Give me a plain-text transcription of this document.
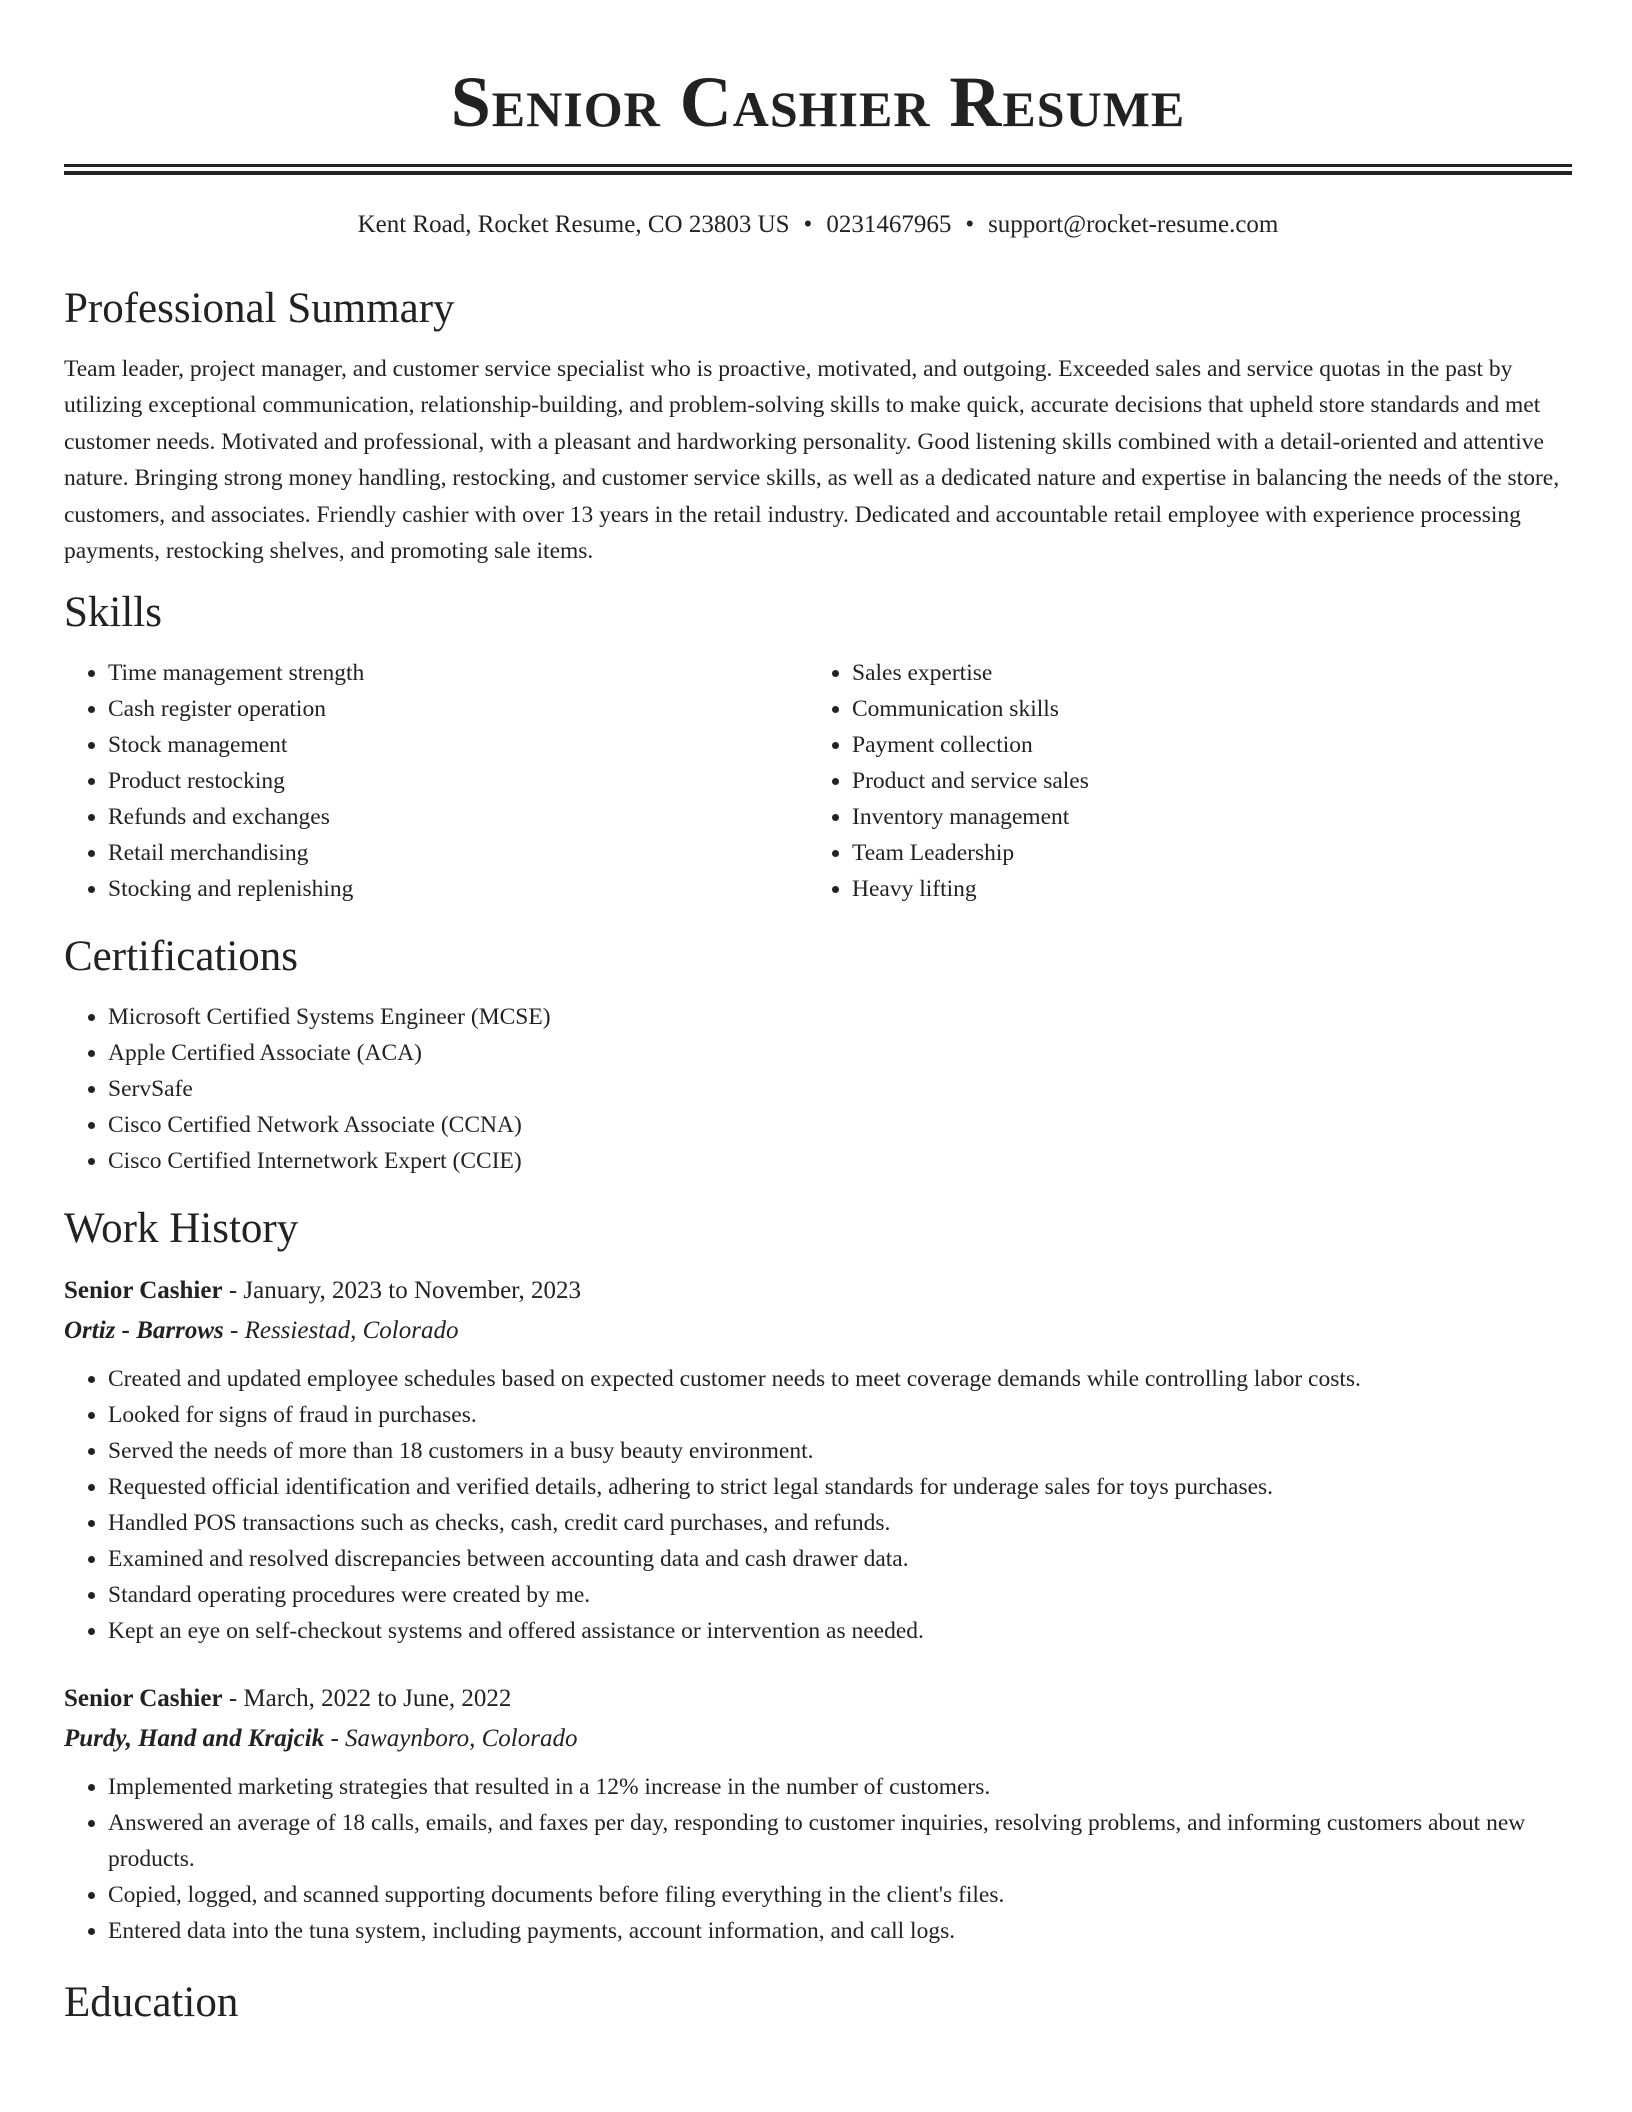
Senior Cashier Resume
Kent Road, Rocket Resume, CO 23803 US • 0231467965 • support@rocket-resume.com
Professional Summary

Team leader, project manager, and customer service specialist who is proactive, motivated, and outgoing. Exceeded sales and service quotas in the past by utilizing exceptional communication, relationship-building, and problem-solving skills to make quick, accurate decisions that upheld store standards and met customer needs. Motivated and professional, with a pleasant and hardworking personality. Good listening skills combined with a detail-oriented and attentive nature. Bringing strong money handling, restocking, and customer service skills, as well as a dedicated nature and expertise in balancing the needs of the store, customers, and associates. Friendly cashier with over 13 years in the retail industry. Dedicated and accountable retail employee with experience processing payments, restocking shelves, and promoting sale items.

Skills
• Time management strength
• Cash register operation
• Stock management
• Product restocking
• Refunds and exchanges
• Retail merchandising
• Stocking and replenishing
• Sales expertise
• Communication skills
• Payment collection
• Product and service sales
• Inventory management
• Team Leadership
• Heavy lifting
Certifications
• Microsoft Certified Systems Engineer (MCSE)
• Apple Certified Associate (ACA)
• ServSafe
• Cisco Certified Network Associate (CCNA)
• Cisco Certified Internetwork Expert (CCIE)
Work History
Senior Cashier - January, 2023 to November, 2023
Ortiz - Barrows - Ressiestad, Colorado
• Created and updated employee schedules based on expected customer needs to meet coverage demands while controlling labor costs.
• Looked for signs of fraud in purchases.
• Served the needs of more than 18 customers in a busy beauty environment.
• Requested official identification and verified details, adhering to strict legal standards for underage sales for toys purchases.
• Handled POS transactions such as checks, cash, credit card purchases, and refunds.
• Examined and resolved discrepancies between accounting data and cash drawer data.
• Standard operating procedures were created by me.
• Kept an eye on self-checkout systems and offered assistance or intervention as needed.
Senior Cashier - March, 2022 to June, 2022
Purdy, Hand and Krajcik - Sawaynboro, Colorado
• Implemented marketing strategies that resulted in a 12% increase in the number of customers.
• Answered an average of 18 calls, emails, and faxes per day, responding to customer inquiries, resolving problems, and informing customers about new products.
• Copied, logged, and scanned supporting documents before filing everything in the client's files.
• Entered data into the tuna system, including payments, account information, and call logs.
Education
